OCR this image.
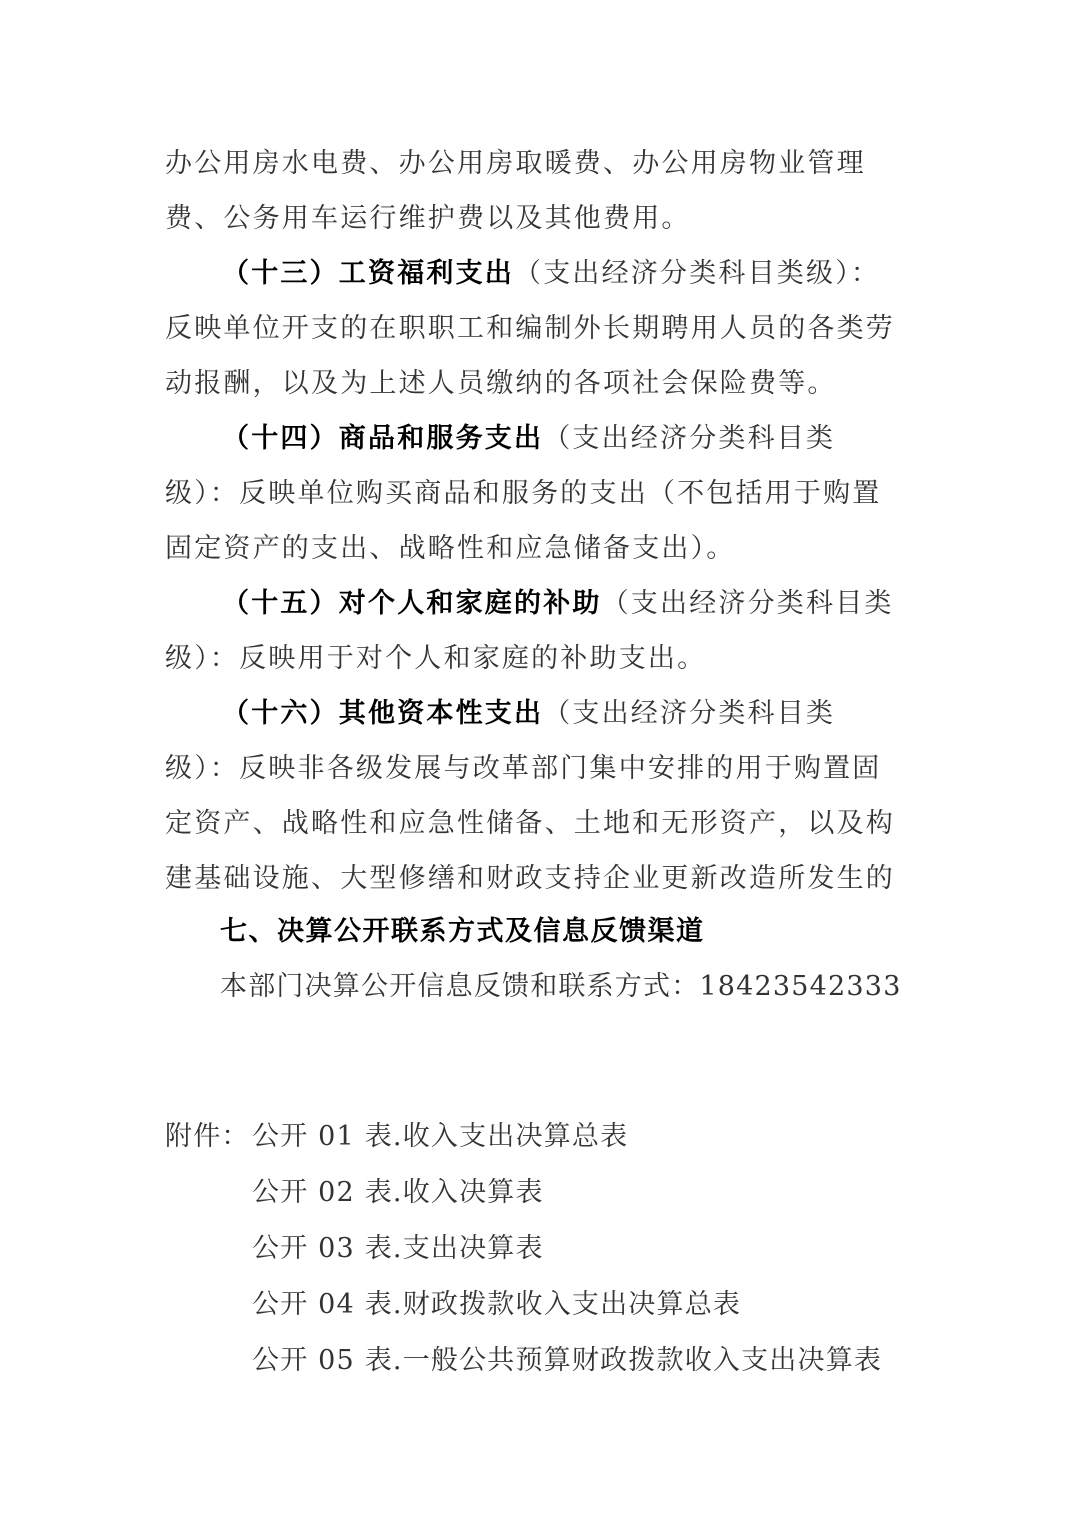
办公用房水电费、办公用房取暖费、办公用房物业管理
费、公务用车运行维护费以及其他费用。
（十三）工资福利支出（支出经济分类科目类级）：
反映单位开支的在职职工和编制外长期聘用人员的各类劳
动报酬，以及为上述人员缴纳的各项社会保险费等。
（十四）商品和服务支出（支出经济分类科目类
级）：反映单位购买商品和服务的支出（不包括用于购置
固定资产的支出、战略性和应急储备支出）。
（十五）对个人和家庭的补助（支出经济分类科目类
级）：反映用于对个人和家庭的补助支出。
（十六）其他资本性支出（支出经济分类科目类
级）：反映非各级发展与改革部门集中安排的用于购置固
定资产、战略性和应急性储备、土地和无形资产，以及构
建基础设施、大型修缮和财政支持企业更新改造所发生的
七、决算公开联系方式及信息反馈渠道
本部门决算公开信息反馈和联系方式：18423542333
附件： 公开 01 表.收入支出决算总表
公开 02 表.收入决算表
公开 03 表.支出决算表
公开 04 表.财政拨款收入支出决算总表
公开 05 表.一般公共预算财政拨款收入支出决算表
